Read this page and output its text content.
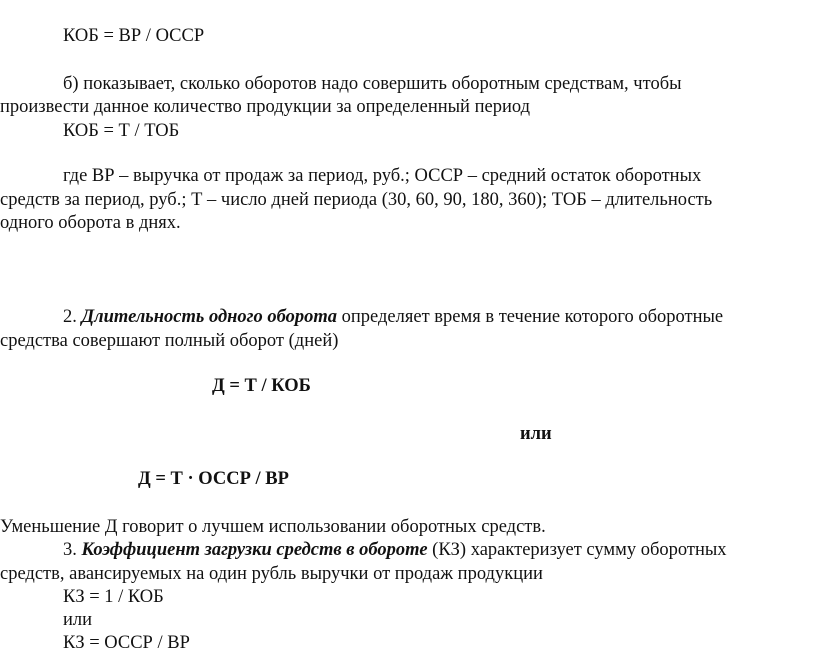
КОБ = ВР / ОССР
б) показывает, сколько оборотов надо совершить оборотным средствам, чтобы
произвести данное количество продукции за определенный период
КОБ = Т / ТОБ
где ВР – выручка от продаж за период, руб.; ОССР – средний остаток оборотных
средств за период, руб.; Т – число дней периода (30, 60, 90, 180, 360); ТОБ – длительность
одного оборота в днях.
2. Длительность одного оборота определяет время в течение которого оборотные
средства совершают полный оборот (дней)
Д = Т / КОБ
или
Д = Т · ОССР / ВР
Уменьшение Д говорит о лучшем использовании оборотных средств.
3. Коэффициент загрузки средств в обороте (КЗ) характеризует сумму оборотных
средств, авансируемых на один рубль выручки от продаж продукции
КЗ = 1 / КОБ
или
КЗ = ОССР / ВР
